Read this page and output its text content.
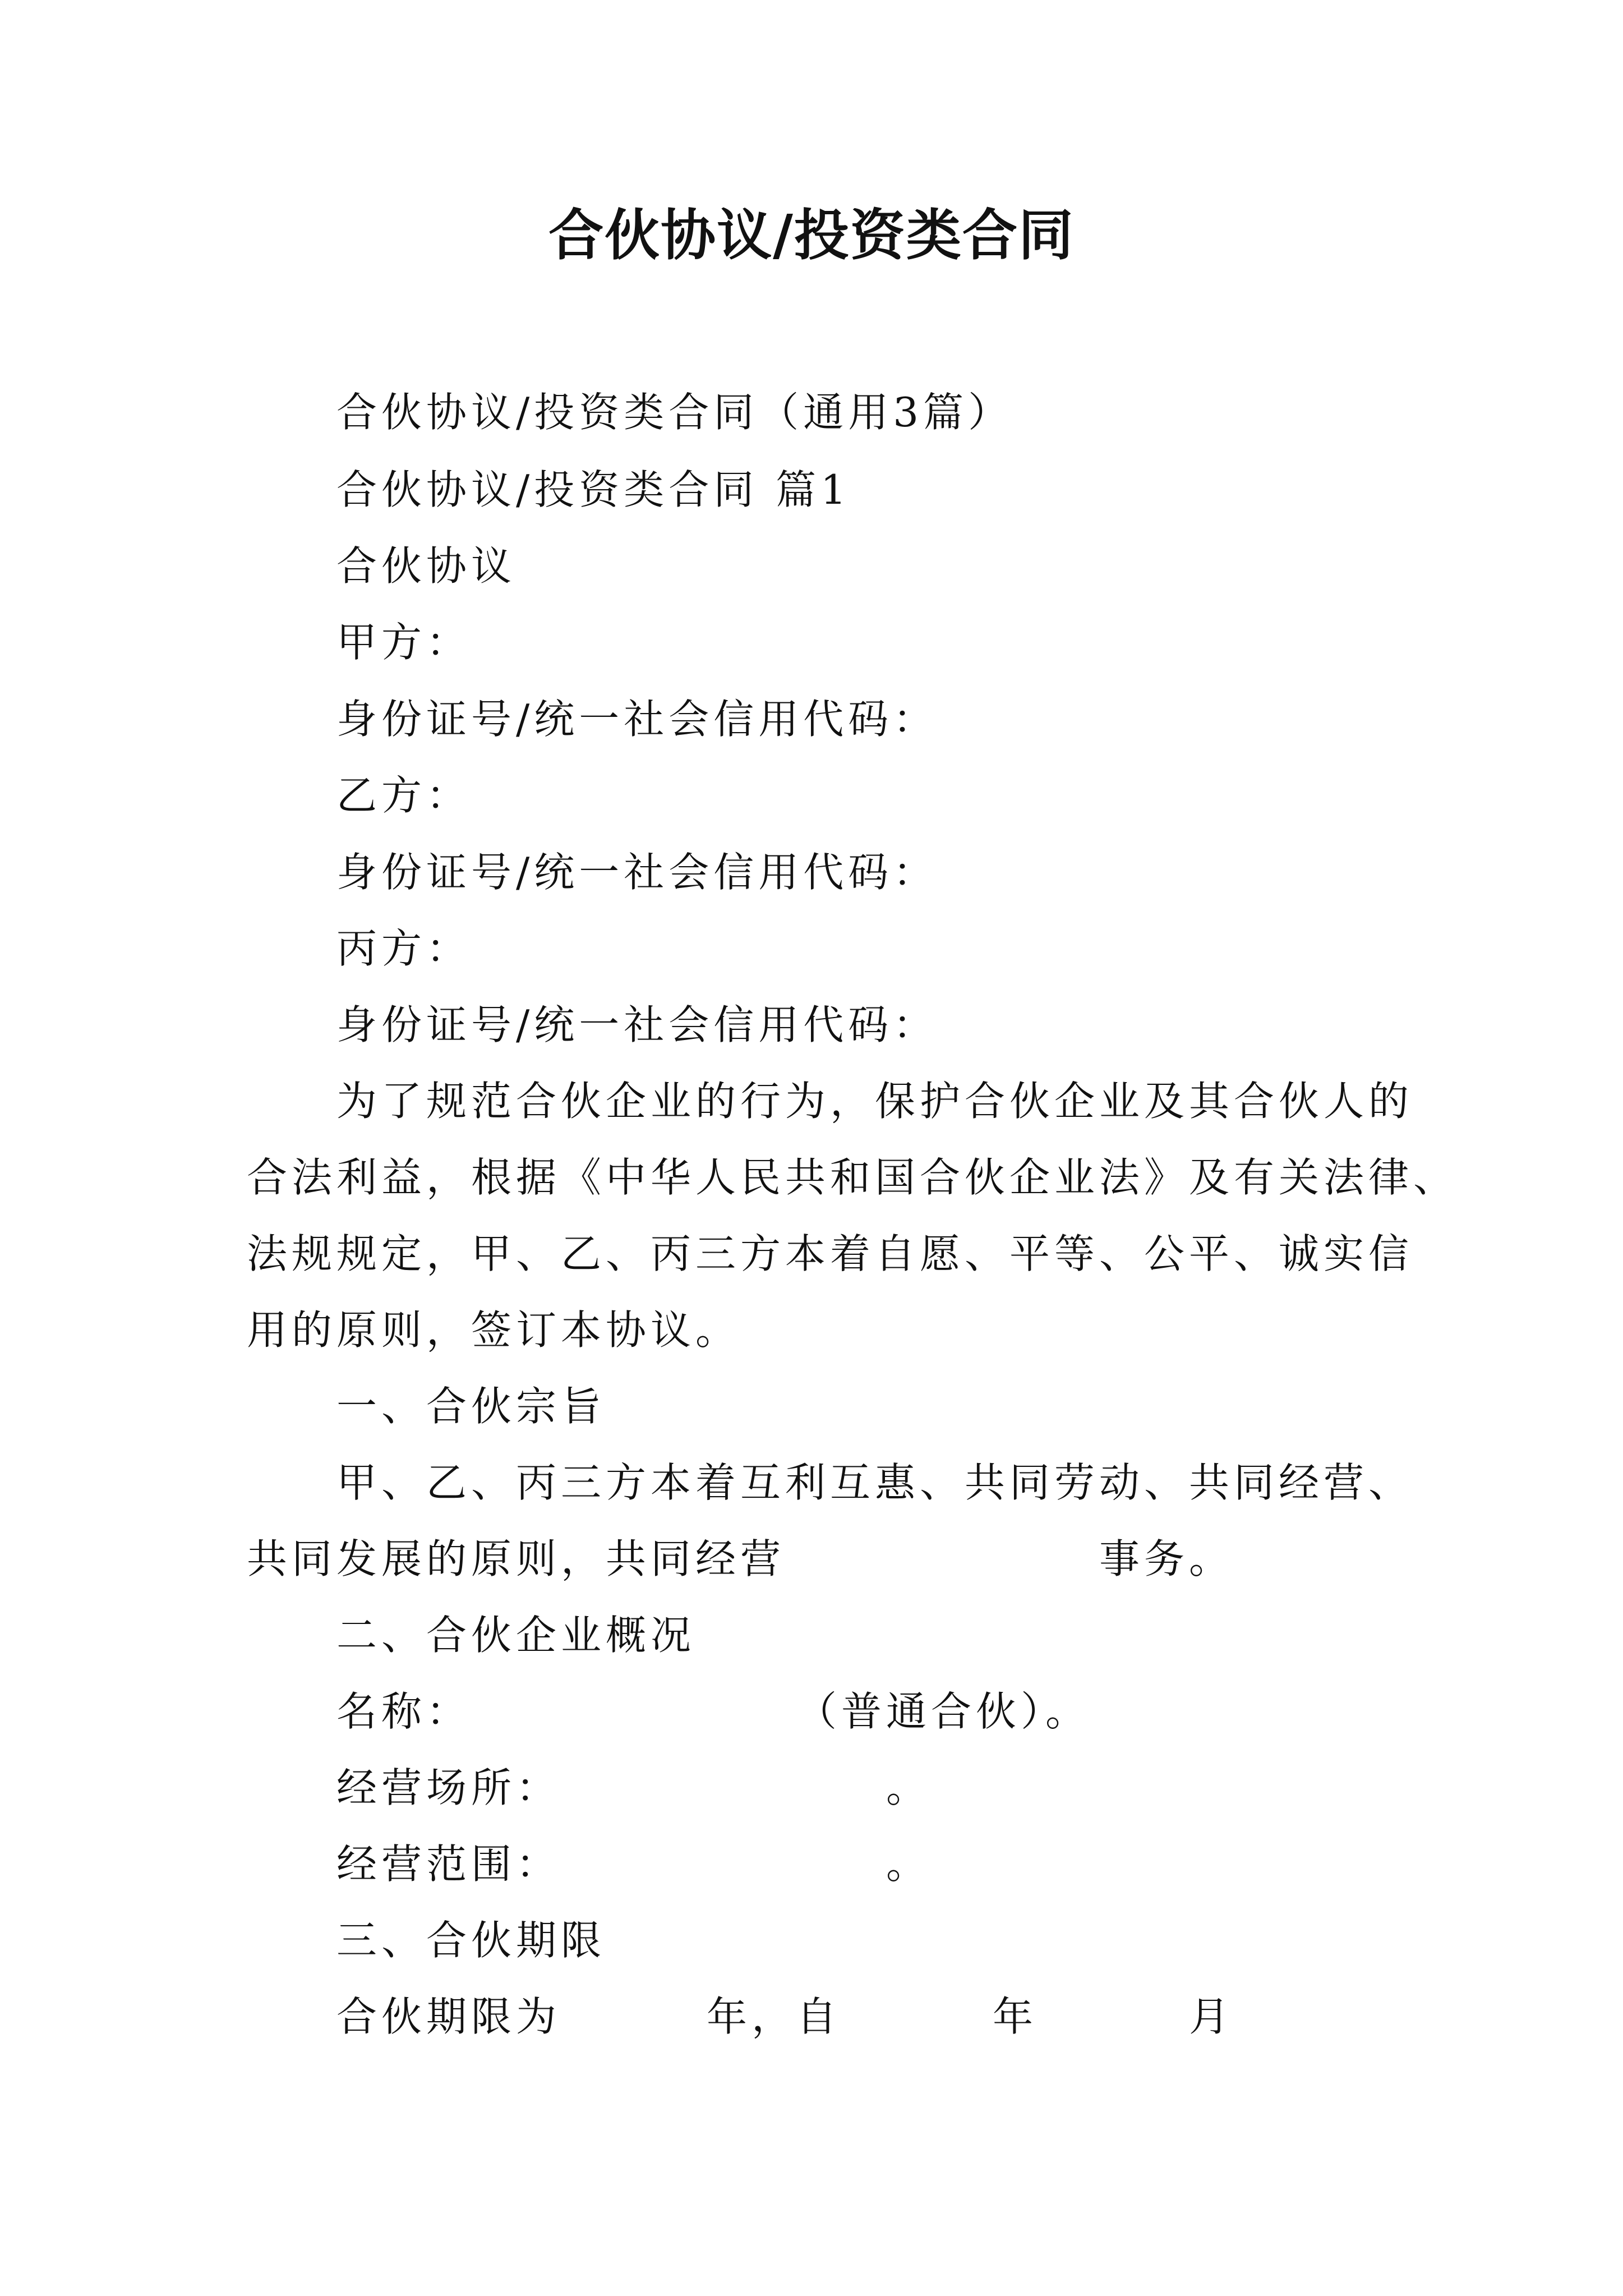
合伙协议/投资类合同
合伙协议/投资类合同（通用3篇）
合伙协议/投资类合同 篇1
合伙协议
甲方：
身份证号/统一社会信用代码：
乙方：
身份证号/统一社会信用代码：
丙方：
身份证号/统一社会信用代码：
为了规范合伙企业的行为，保护合伙企业及其合伙人的
合法利益，根据《中华人民共和国合伙企业法》及有关法律、
法规规定，甲、乙、丙三方本着自愿、平等、公平、诚实信
用的原则，签订本协议。
一、合伙宗旨
甲、乙、丙三方本着互利互惠、共同劳动、共同经营、
共同发展的原则，共同经营	事务。
二、合伙企业概况
名称：	（普通合伙）。
经营场所：	。
经营范围：	。
三、合伙期限
合伙期限为	年，自	年	月
